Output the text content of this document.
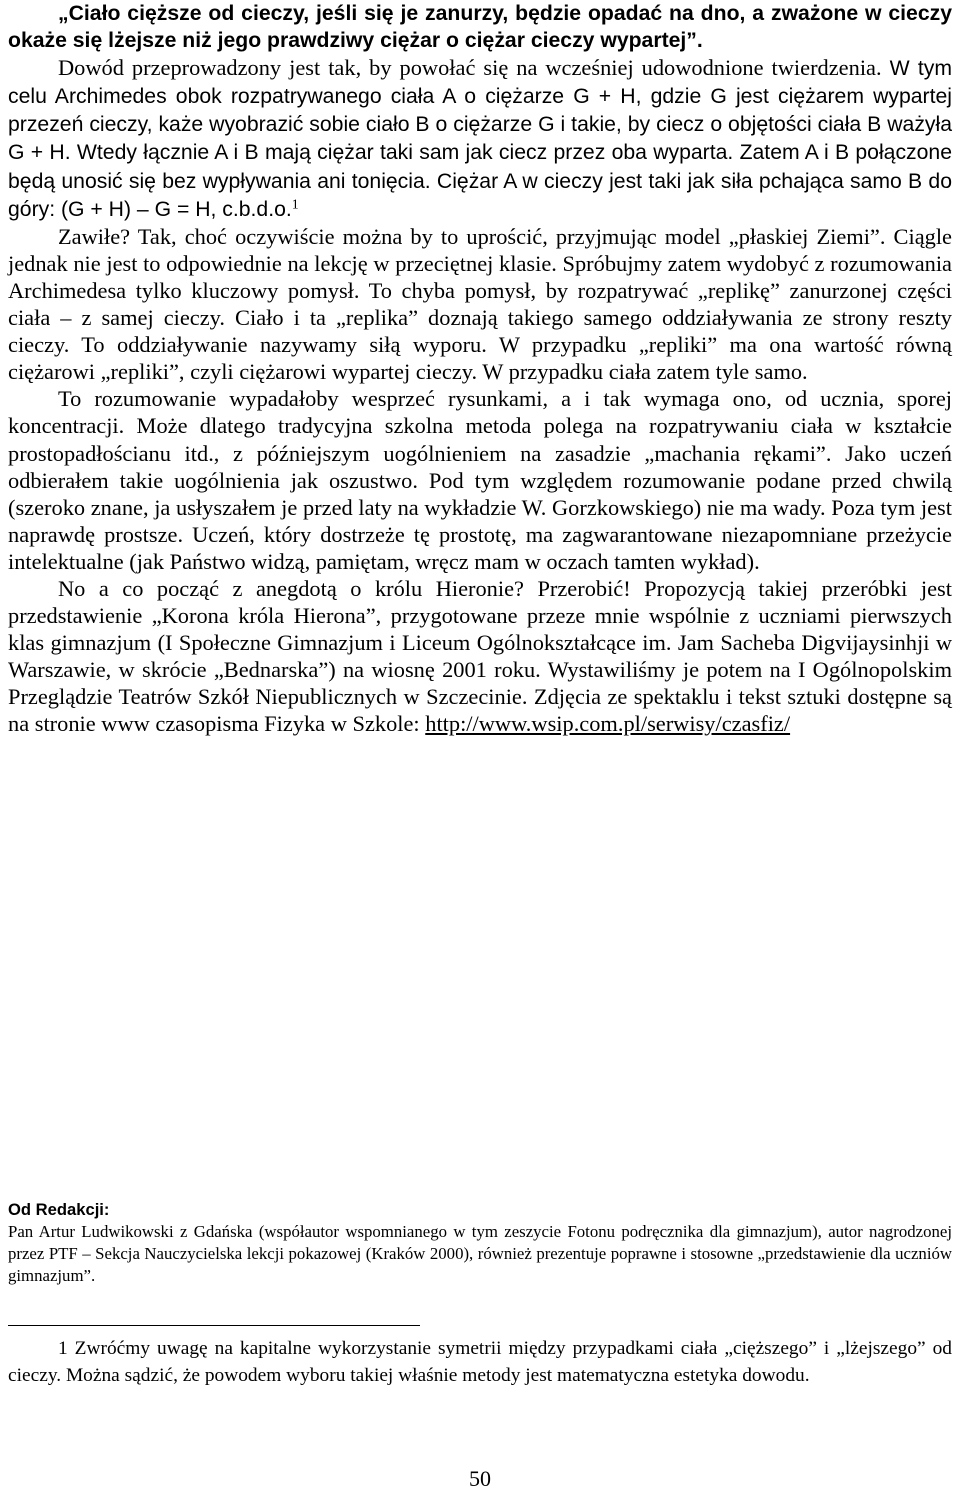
„Ciało cięższe od cieczy, jeśli się je zanurzy, będzie opadać na dno, a zważone w cieczy okaże się lżejsze niż jego prawdziwy ciężar o ciężar cieczy wypartej”.

Dowód przeprowadzony jest tak, by powołać się na wcześniej udowodnione twierdzenia. W tym celu Archimedes obok rozpatrywanego ciała A o ciężarze G + H, gdzie G jest ciężarem wypartej przezeń cieczy, każe wyobrazić sobie ciało B o ciężarze G i takie, by ciecz o objętości ciała B ważyła G + H. Wtedy łącznie A i B mają ciężar taki sam jak ciecz przez oba wyparta. Zatem A i B połączone będą unosić się bez wypływania ani tonięcia. Ciężar A w cieczy jest taki jak siła pchająca samo B do góry: (G + H) – G = H, c.b.d.o.$^1$

Zawiłe? Tak, choć oczywiście można by to uprościć, przyjmując model „płaskiej Ziemi”. Ciągle jednak nie jest to odpowiednie na lekcję w przeciętnej klasie. Spróbujmy zatem wydobyć z rozumowania Archimedesa tylko kluczowy pomysł. To chyba pomysł, by rozpatrywać „replikę” zanurzonej części ciała – z samej cieczy. Ciało i ta „replika” doznają takiego samego oddziaływania ze strony reszty cieczy. To oddziaływanie nazywamy siłą wyporu. W przypadku „repliki” ma ona wartość równą ciężarowi „repliki”, czyli ciężarowi wypartej cieczy. W przypadku ciała zatem tyle samo.

To rozumowanie wypadałoby wesprzeć rysunkami, a i tak wymaga ono, od ucznia, sporej koncentracji. Może dlatego tradycyjna szkolna metoda polega na rozpatrywaniu ciała w kształcie prostopadłościanu itd., z późniejszym uogólnieniem na zasadzie „machania rękami”. Jako uczeń odbierałem takie uogólnienia jak oszustwo. Pod tym względem rozumowanie podane przed chwilą (szeroko znane, ja usłyszałem je przed laty na wykładzie W. Gorzkowskiego) nie ma wady. Poza tym jest naprawdę prostsze. Uczeń, który dostrzeże tę prostotę, ma zagwarantowane niezapomniane przeżycie intelektualne (jak Państwo widzą, pamiętam, wręcz mam w oczach tamten wykład).

No a co począć z anegdotą o królu Hieronie? Przerobić! Propozycją takiej przeróbki jest przedstawienie „Korona króla Hierona”, przygotowane przeze mnie wspólnie z uczniami pierwszych klas gimnazjum (I Społeczne Gimnazjum i Liceum Ogólnokształcące im. Jam Sacheba Digvijaysinhji w Warszawie, w skrócie „Bednarska”) na wiosnę 2001 roku. Wystawiliśmy je potem na I Ogólnopolskim Przeglądzie Teatrów Szkół Niepublicznych w Szczecinie. Zdjęcia ze spektaklu i tekst sztuki dostępne są na stronie www czasopisma Fizyka w Szkole: http://www.wsip.com.pl/serwisy/czasfiz/

Od Redakcji:

Pan Artur Ludwikowski z Gdańska (współautor wspomnianego w tym zeszycie Fotonu podręcznika dla gimnazjum), autor nagrodzonej przez PTF – Sekcja Nauczycielska lekcji pokazowej (Kraków 2000), również prezentuje poprawne i stosowne „przedstawienie dla uczniów gimnazjum”.

1 Zwróćmy uwagę na kapitalne wykorzystanie symetrii między przypadkami ciała „cięższego” i „lżejszego” od cieczy. Można sądzić, że powodem wyboru takiej właśnie metody jest matematyczna estetyka dowodu.

50
